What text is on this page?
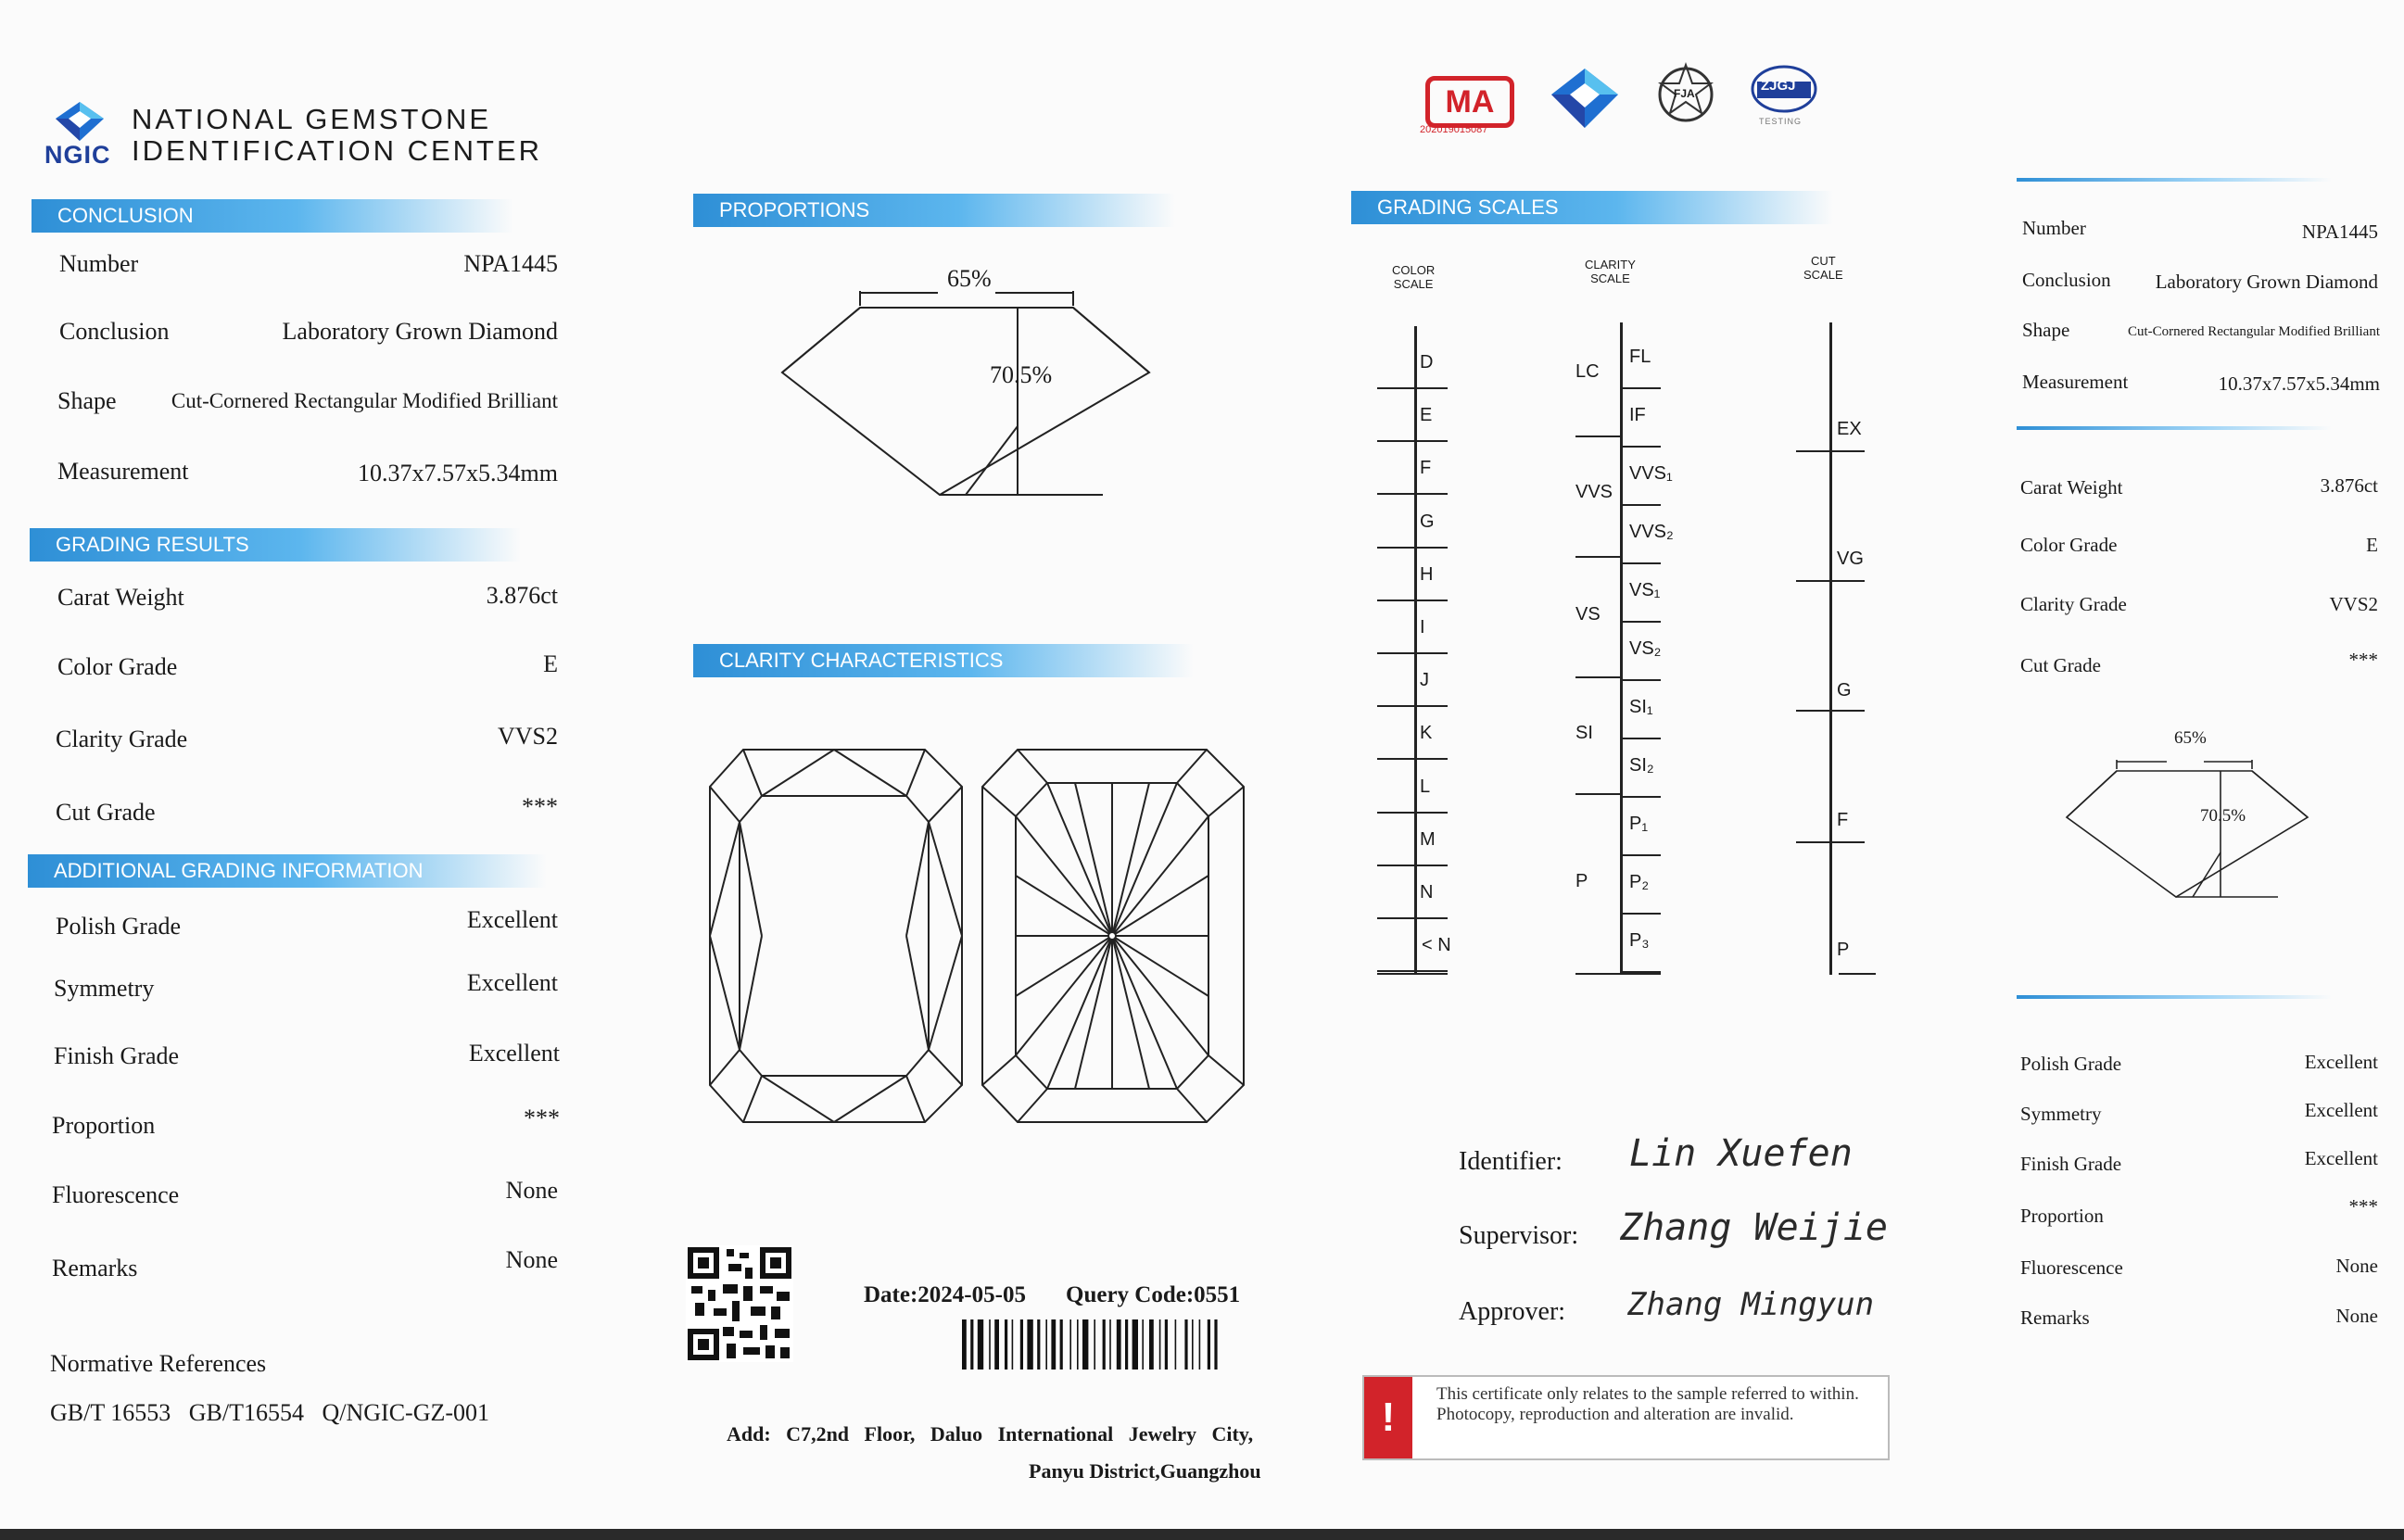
NATIONAL GEMSTONE
IDENTIFICATION CENTER
NGIC
CONCLUSION
Number	NPA1445
Conclusion	Laboratory Grown Diamond
Shape	Cut-Cornered Rectangular Modified Brilliant
Measurement	10.37x7.57x5.34mm
GRADING RESULTS
Carat Weight	3.876ct
Color Grade	E
Clarity Grade	VVS2
Cut Grade	***
ADDITIONAL GRADING INFORMATION
Polish Grade	Excellent
Symmetry	Excellent
Finish Grade	Excellent
Proportion	***
Fluorescence	None
Remarks	None
Normative References
GB/T 16553   GB/T16554   Q/NGIC-GZ-001
PROPORTIONS
65%
70.5%
CLARITY CHARACTERISTICS
Date:2024-05-05 Query Code:0551
Add:   C7,2nd   Floor,   Daluo   International   Jewelry   City,
Panyu District,Guangzhou
MA
202019015087
FJA	ZJGJ
TESTING
GRADING SCALES
COLOR
SCALE
CLARITY
SCALE
CUT
SCALE
D
E
F
G
H
I
J
K
L
M
N
< N
FL
IF
VVS₁
VVS₂
VS₁
VS₂
SI₁
SI₂
P₁
P₂
P₃
LC
VVS
VS
SI
P
EX
VG
G
F
P
Identifier: Lin Xuefen
Supervisor: Zhang Weijie
Approver: Zhang Mingyun
!
This certificate only relates to the sample referred to within. Photocopy, reproduction and alteration are invalid.
Number	NPA1445
Conclusion	Laboratory Grown Diamond
Shape	Cut-Cornered Rectangular Modified Brilliant
Measurement	10.37x7.57x5.34mm
Carat Weight	3.876ct
Color Grade	E
Clarity Grade	VVS2
Cut Grade	***
65%
70.5%
Polish Grade	Excellent
Symmetry	Excellent
Finish Grade	Excellent
Proportion	***
Fluorescence	None
Remarks	None
